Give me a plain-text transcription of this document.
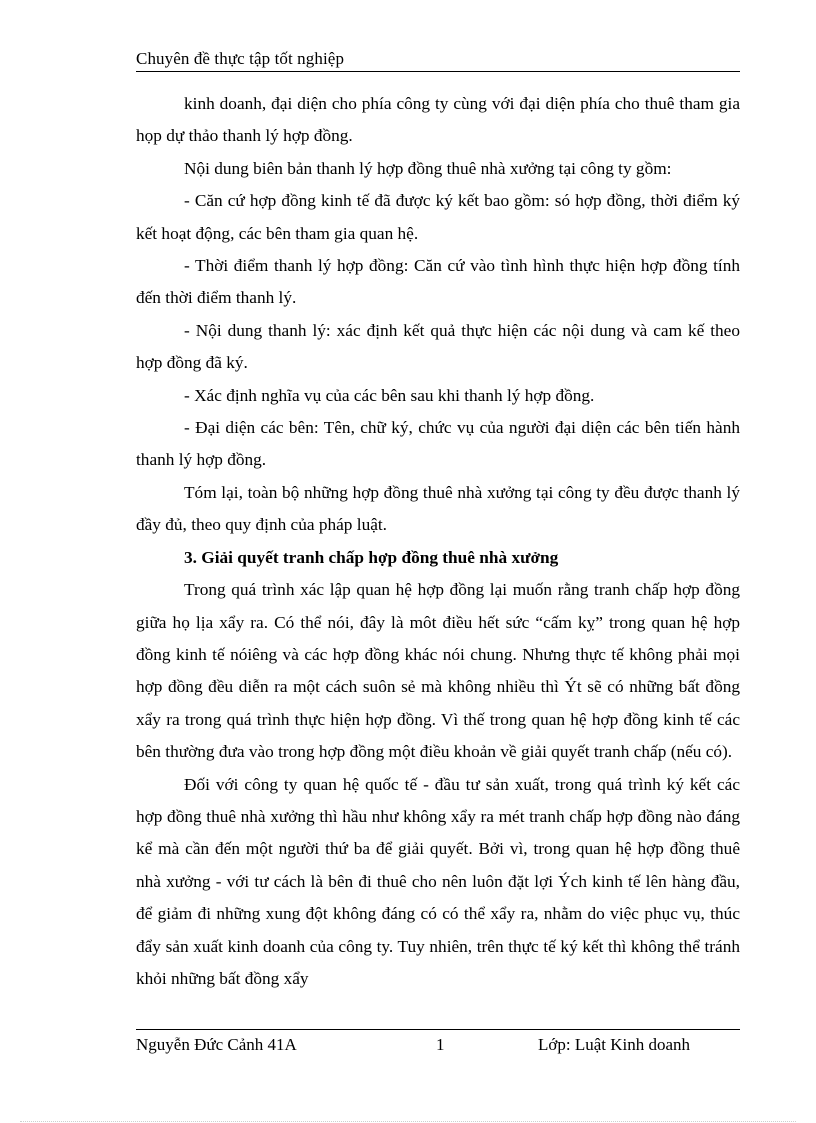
Chuyên đề thực tập tốt nghiệp

kinh doanh, đại diện cho phía công ty cùng với đại diện phía cho thuê tham gia họp dự thảo thanh lý hợp đồng.

Nội dung biên bản thanh lý hợp đồng thuê nhà xưởng tại công ty gồm:

- Căn cứ hợp đồng kinh tế đã được ký kết bao gồm: só hợp đồng, thời điểm ký kết hoạt động, các bên tham gia quan hệ.

- Thời điểm thanh lý hợp đồng: Căn cứ vào tình hình thực hiện hợp đồng tính đến thời điểm thanh lý.

- Nội dung thanh lý: xác định kết quả thực hiện các nội dung và cam kế theo hợp đồng đã ký.

- Xác định nghĩa vụ của các bên sau khi thanh lý hợp đồng.

- Đại diện các bên: Tên, chữ ký, chức vụ của người đại diện các bên tiến hành thanh lý hợp đồng.

Tóm lại, toàn bộ những hợp đồng thuê nhà xưởng tại công ty đều được thanh lý đầy đủ, theo quy định của pháp luật.

3. Giải quyết tranh chấp hợp đồng thuê nhà xưởng

Trong quá trình xác lập quan hệ hợp đồng lại muốn rằng tranh chấp hợp đồng giữa họ lịa xẩy ra. Có thể nói, đây là môt điều hết sức “cấm kỵ” trong quan hệ hợp đồng kinh tế nóiêng và các hợp đồng khác nói chung. Nhưng thực tế không phải mọi hợp đồng đều diễn ra một cách suôn sẻ mà không nhiều thì Ýt sẽ có những bất đồng xẩy ra trong quá trình thực hiện hợp đồng. Vì thế trong quan hệ hợp đồng kinh tế các bên thường đưa vào trong hợp đồng một điều khoản về giải quyết tranh chấp (nếu có).

Đối với công ty quan hệ quốc tế - đầu tư sản xuất, trong quá trình ký kết các hợp đồng thuê nhà xưởng thì hầu như không xẩy ra mét tranh chấp hợp đồng nào đáng kể mà cần đến một người thứ ba để giải quyết. Bởi vì, trong quan hệ hợp đồng thuê nhà xưởng - với tư cách là bên đi thuê cho nên luôn đặt lợi Ých kinh tế lên hàng đầu, để giảm đi những xung đột không đáng có có thể xẩy ra, nhằm do việc phục vụ, thúc đẩy sản xuất kinh doanh của công ty. Tuy nhiên, trên thực tế ký kết thì không thể tránh khỏi những bất đồng xẩy

Nguyễn Đức Cảnh 41A	1	Lớp: Luật Kinh doanh
